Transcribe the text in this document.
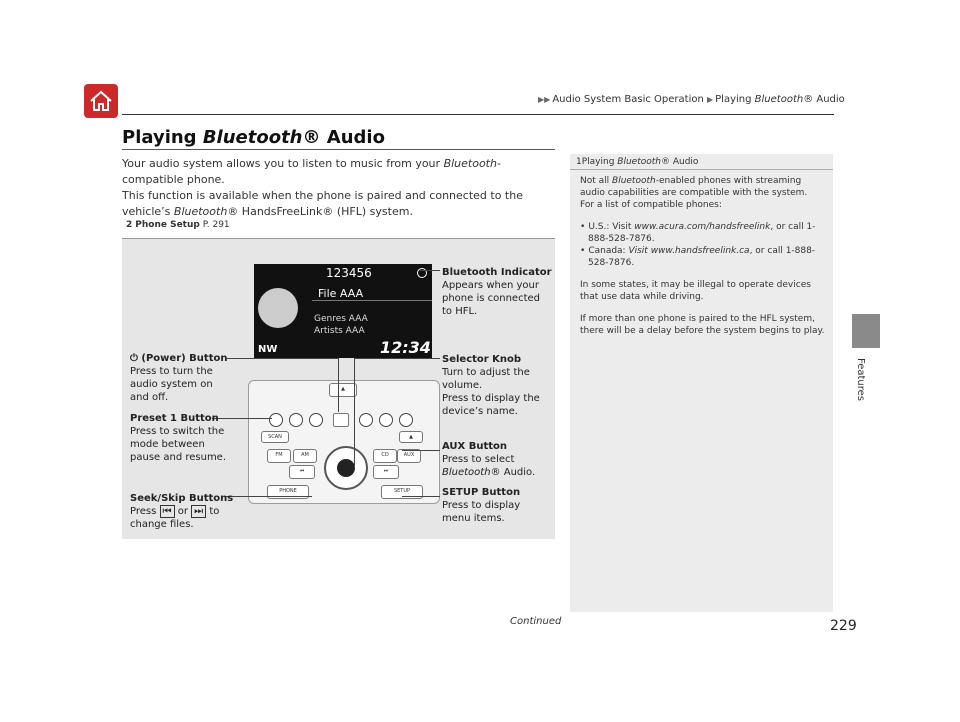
▶▶ Audio System Basic Operation ▶ Playing Bluetooth® Audio
Features
Playing Bluetooth® Audio

Your audio system allows you to listen to music from your Bluetooth-compatible phone.

This function is available when the phone is paired and connected to the vehicle’s Bluetooth® HandsFreeLink® (HFL) system.

2 Phone Setup P. 291
123456
File AAA
Genres AAA
Artists AAA
NW	12:34
▲
SCAN	▲
FM	AM	CD	AUX
⏮	⏭
PHONE	SETUP
⏻ (Power) Button
Press to turn the
audio system on
and off.
Preset 1 Button
Press to switch the
mode between
pause and resume.
Seek/Skip Buttons
Press ⏮ or ⏭ to
change files.
Bluetooth Indicator
Appears when your
phone is connected
to HFL.
Selector Knob
Turn to adjust the
volume.
Press to display the
device’s name.
AUX Button
Press to select
Bluetooth® Audio.
SETUP Button
Press to display
menu items.
1Playing Bluetooth® Audio

Not all Bluetooth-enabled phones with streaming audio capabilities are compatible with the system.
For a list of compatible phones:

• U.S.: Visit www.acura.com/handsfreelink, or call 1-888-528-7876.
• Canada: Visit www.handsfreelink.ca, or call 1-888-528-7876.

In some states, it may be illegal to operate devices that use data while driving.

If more than one phone is paired to the HFL system, there will be a delay before the system begins to play.

Continued	229
